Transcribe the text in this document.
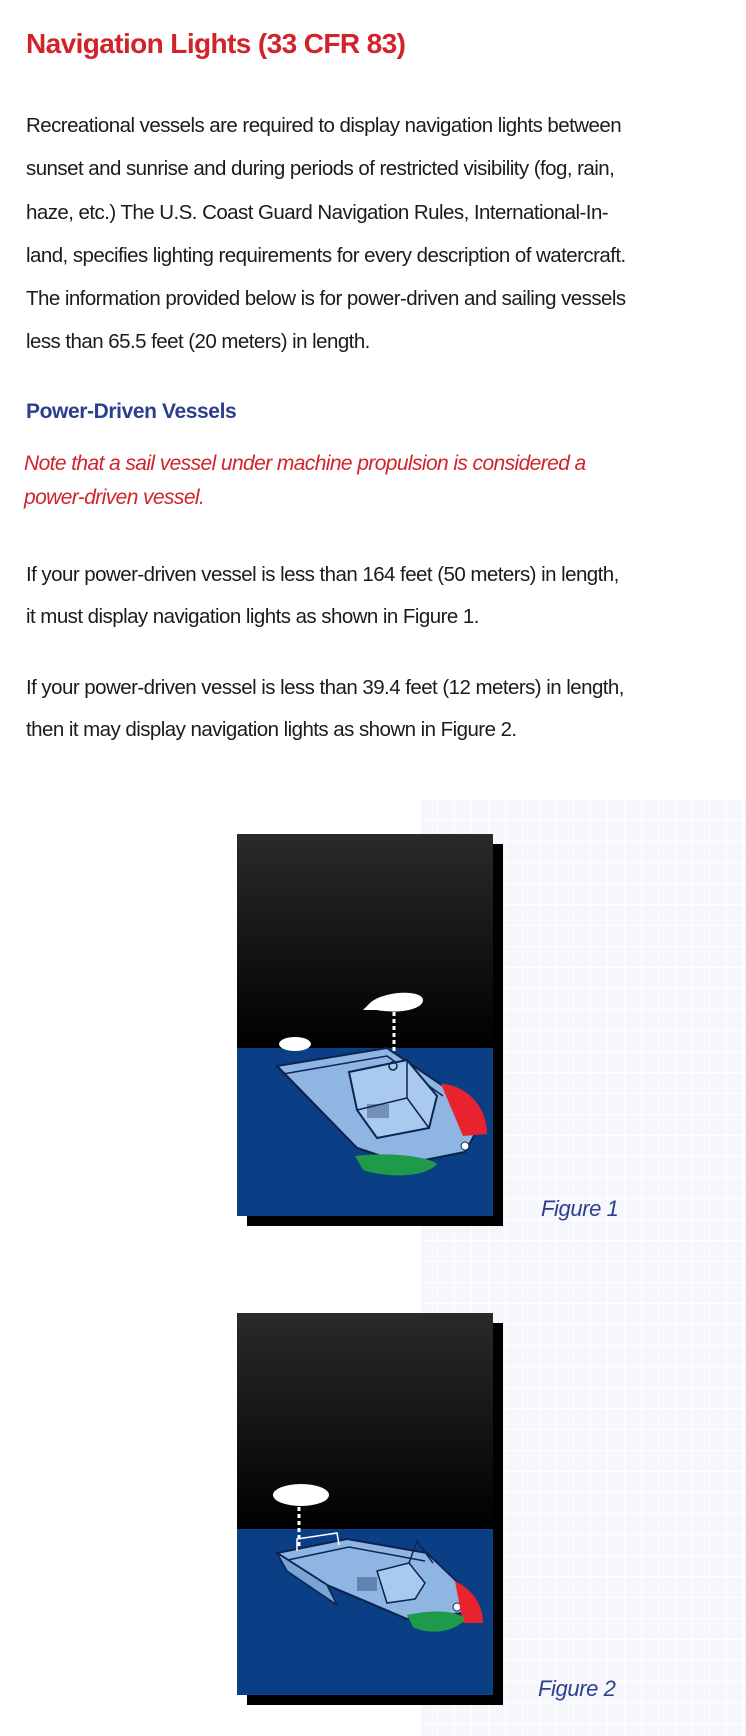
Navigation Lights (33 CFR 83)

Recreational vessels are required to display navigation lights between
sunset and sunrise and during periods of restricted visibility (fog, rain,
haze, etc.) The U.S. Coast Guard Navigation Rules, International-In-
land, specifies lighting requirements for every description of watercraft.
The information provided below is for power-driven and sailing vessels
less than 65.5 feet (20 meters) in length.

Power-Driven Vessels

Note that a sail vessel under machine propulsion is considered a
power-driven vessel.

If your power-driven vessel is less than 164 feet (50 meters) in length,
it must display navigation lights as shown in Figure 1.

If your power-driven vessel is less than 39.4 feet (12 meters) in length,
then it may display navigation lights as shown in Figure 2.

Figure 1
Figure 2
